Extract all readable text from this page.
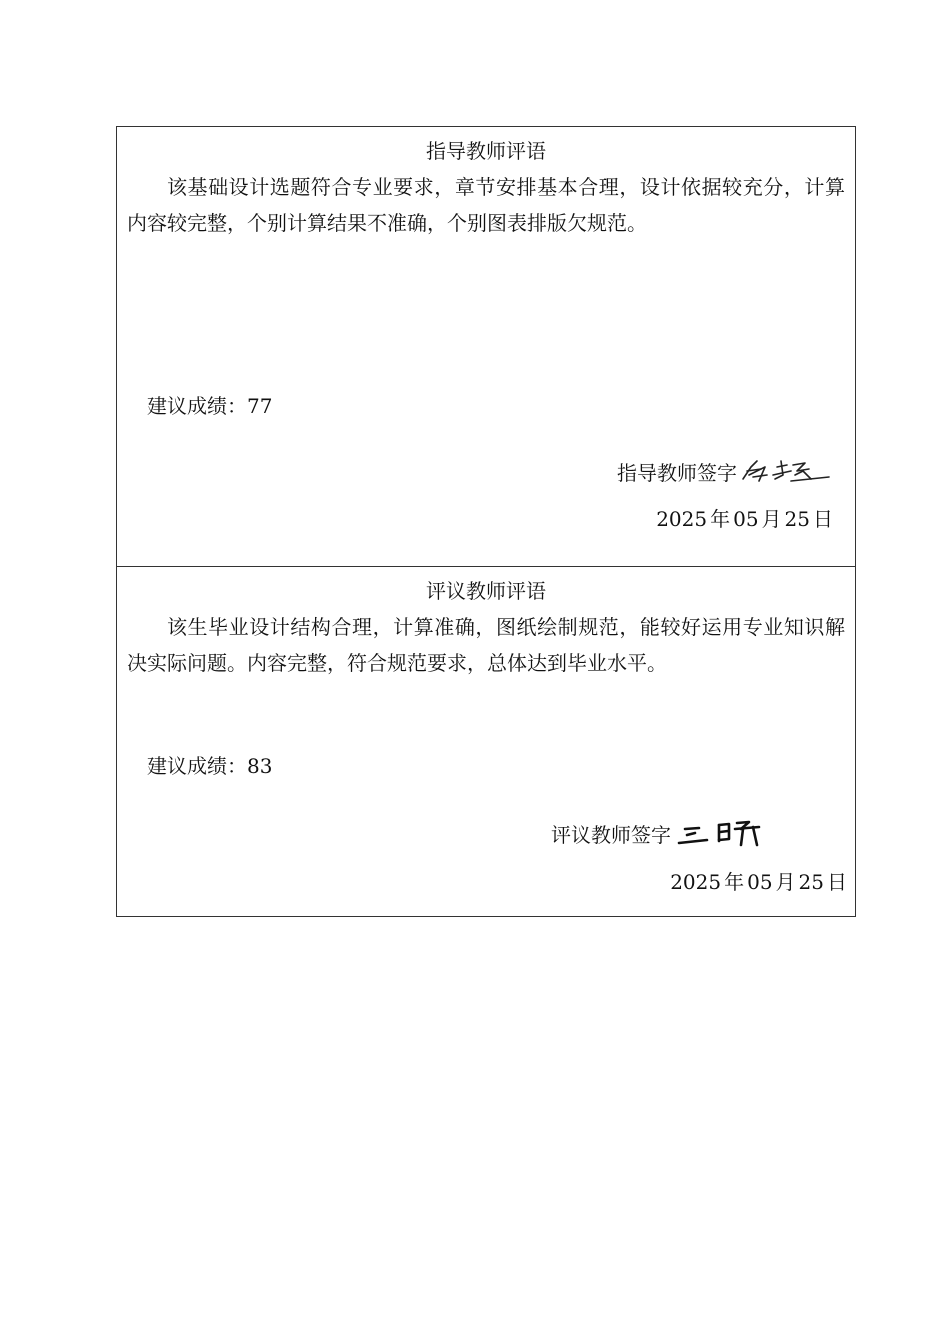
指导教师评语
该基础设计选题符合专业要求，章节安排基本合理，设计依据较充分，计算内容较完整，个别计算结果不准确，个别图表排版欠规范。
建议成绩：77
指导教师签字
2025 年 05 月 25 日
评议教师评语
该生毕业设计结构合理，计算准确，图纸绘制规范，能较好运用专业知识解决实际问题。内容完整，符合规范要求，总体达到毕业水平。
建议成绩：83
评议教师签字
2025 年 05 月 25 日
